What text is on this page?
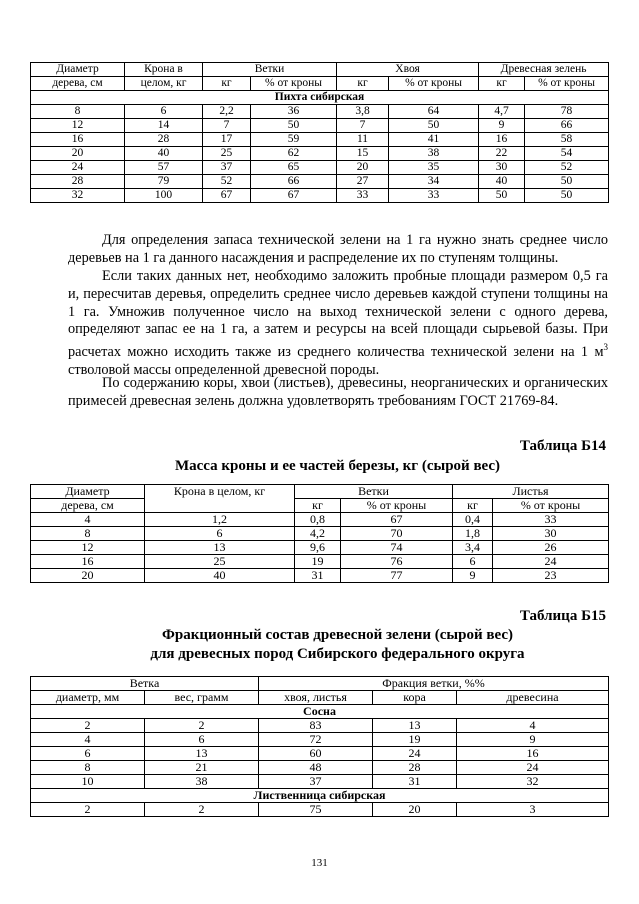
Диаметр	Крона в	Ветки		Хвоя		Древесная зелень	
дерева, см	целом, кг	кг	% от кроны	кг	% от кроны	кг	% от кроны
Пихта сибирская							
8	6	2,2	36	3,8	64	4,7	78
12	14	7	50	7	50	9	66
16	28	17	59	11	41	16	58
20	40	25	62	15	38	22	54
24	57	37	65	20	35	30	52
28	79	52	66	27	34	40	50
32	100	67	67	33	33	50	50

Для определения запаса технической зелени на 1 га нужно знать среднее число деревьев на 1 га данного насаждения и распределение их по ступеням толщины.

Если таких данных нет, необходимо заложить пробные площади размером 0,5 га и, пересчитав деревья, определить среднее число деревьев каждой ступени толщины на 1 га. Умножив полученное число на выход технической зелени с одного дерева, определяют запас ее на 1 га, а затем и ресурсы на всей площади сырьевой базы. При расчетах можно исходить также из среднего количества технической зелени на 1 $м^3$ стволовой массы определенной древесной породы.

По содержанию коры, хвои (листьев), древесины, неорганических и органических примесей древесная зелень должна удовлетворять требованиям ГОСТ 21769-84.

Таблица Б14

Масса кроны и ее частей березы, кг (сырой вес)

Диаметр	Крона в целом, кг	Ветки		Листья	
дерева, см		кг	% от кроны	кг	% от кроны
4	1,2	0,8	67	0,4	33
8	6	4,2	70	1,8	30
12	13	9,6	74	3,4	26
16	25	19	76	6	24
20	40	31	77	9	23

Таблица Б15

Фракционный состав древесной зелени (сырой вес)

для древесных пород Сибирского федерального округа

Ветка		Фракция ветки, %%		
диаметр, мм	вес, грамм	хвоя, листья	кора	древесина
Сосна				
2	2	83	13	4
4	6	72	19	9
6	13	60	24	16
8	21	48	28	24
10	38	37	31	32
Лиственница сибирская				
2	2	75	20	3
131
